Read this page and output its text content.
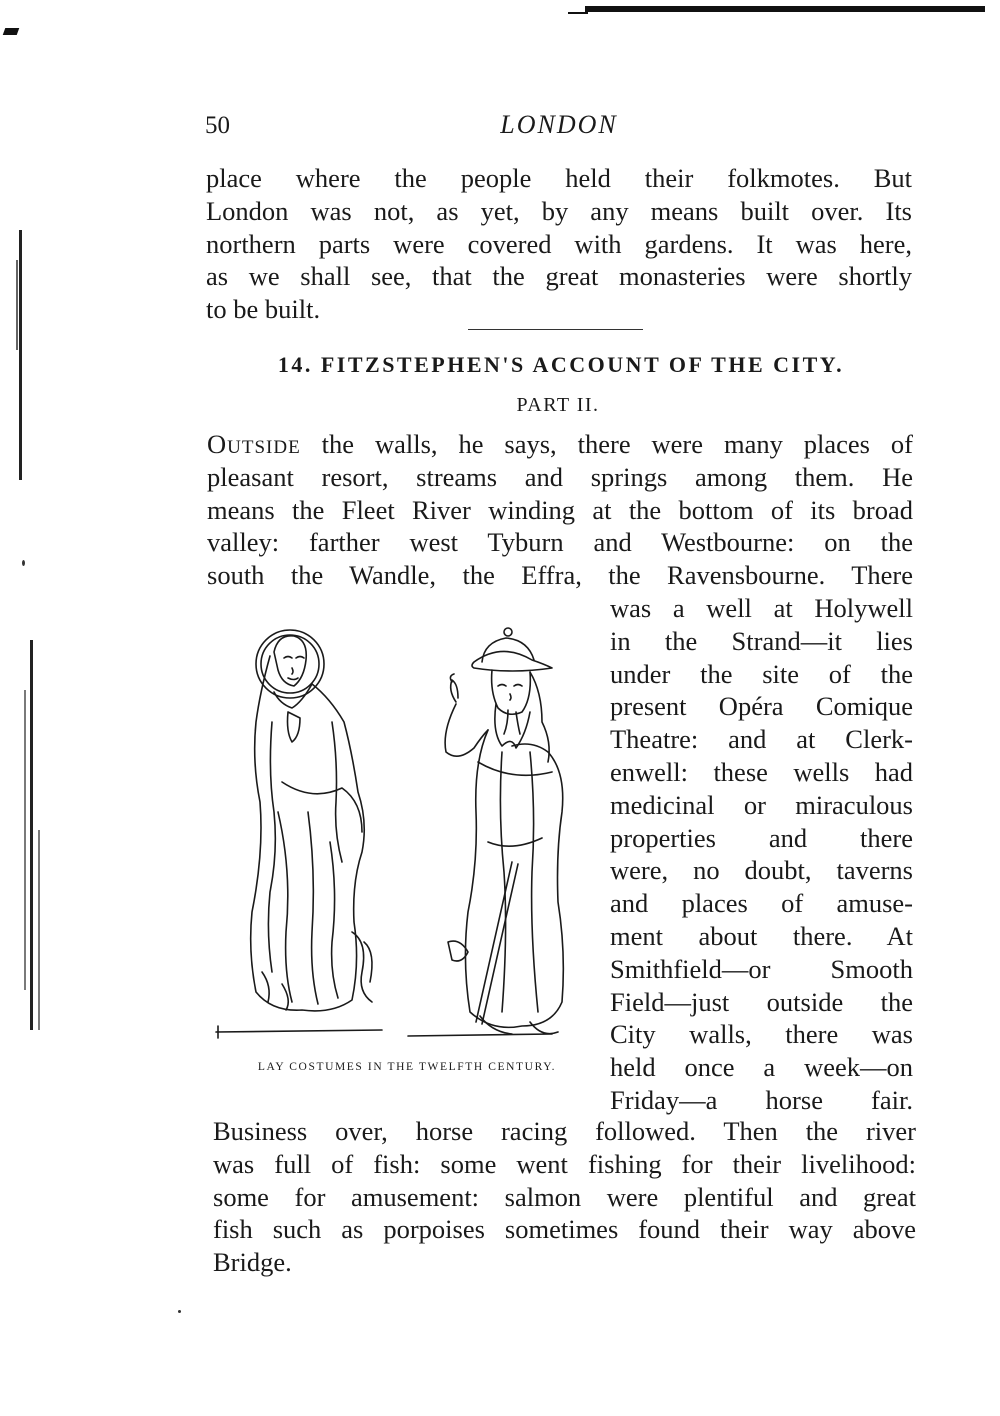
50	LONDON
place where the people held their folkmotes. But
London was not, as yet, by any means built over. Its
northern parts were covered with gardens. It was here,
as we shall see, that the great monasteries were shortly
to be built.
14. FITZSTEPHEN'S ACCOUNT OF THE CITY.
PART II.
Outside the walls, he says, there were many places of
pleasant resort, streams and springs among them. He
means the Fleet River winding at the bottom of its broad
valley: farther west Tyburn and Westbourne: on the
south the Wandle, the Effra, the Ravensbourne. There
was a well at Holywell
in the Strand—it lies
under the site of the
present Opéra Comique
Theatre: and at Clerk-
enwell: these wells had
medicinal or miraculous
properties and there
were, no doubt, taverns
and places of amuse-
ment about there. At
Smithfield—or Smooth
Field—just outside the
City walls, there was
held once a week—on
Friday—a horse fair.
LAY COSTUMES IN THE TWELFTH CENTURY.
Business over, horse racing followed. Then the river
was full of fish: some went fishing for their livelihood:
some for amusement: salmon were plentiful and great
fish such as porpoises sometimes found their way above
Bridge.
